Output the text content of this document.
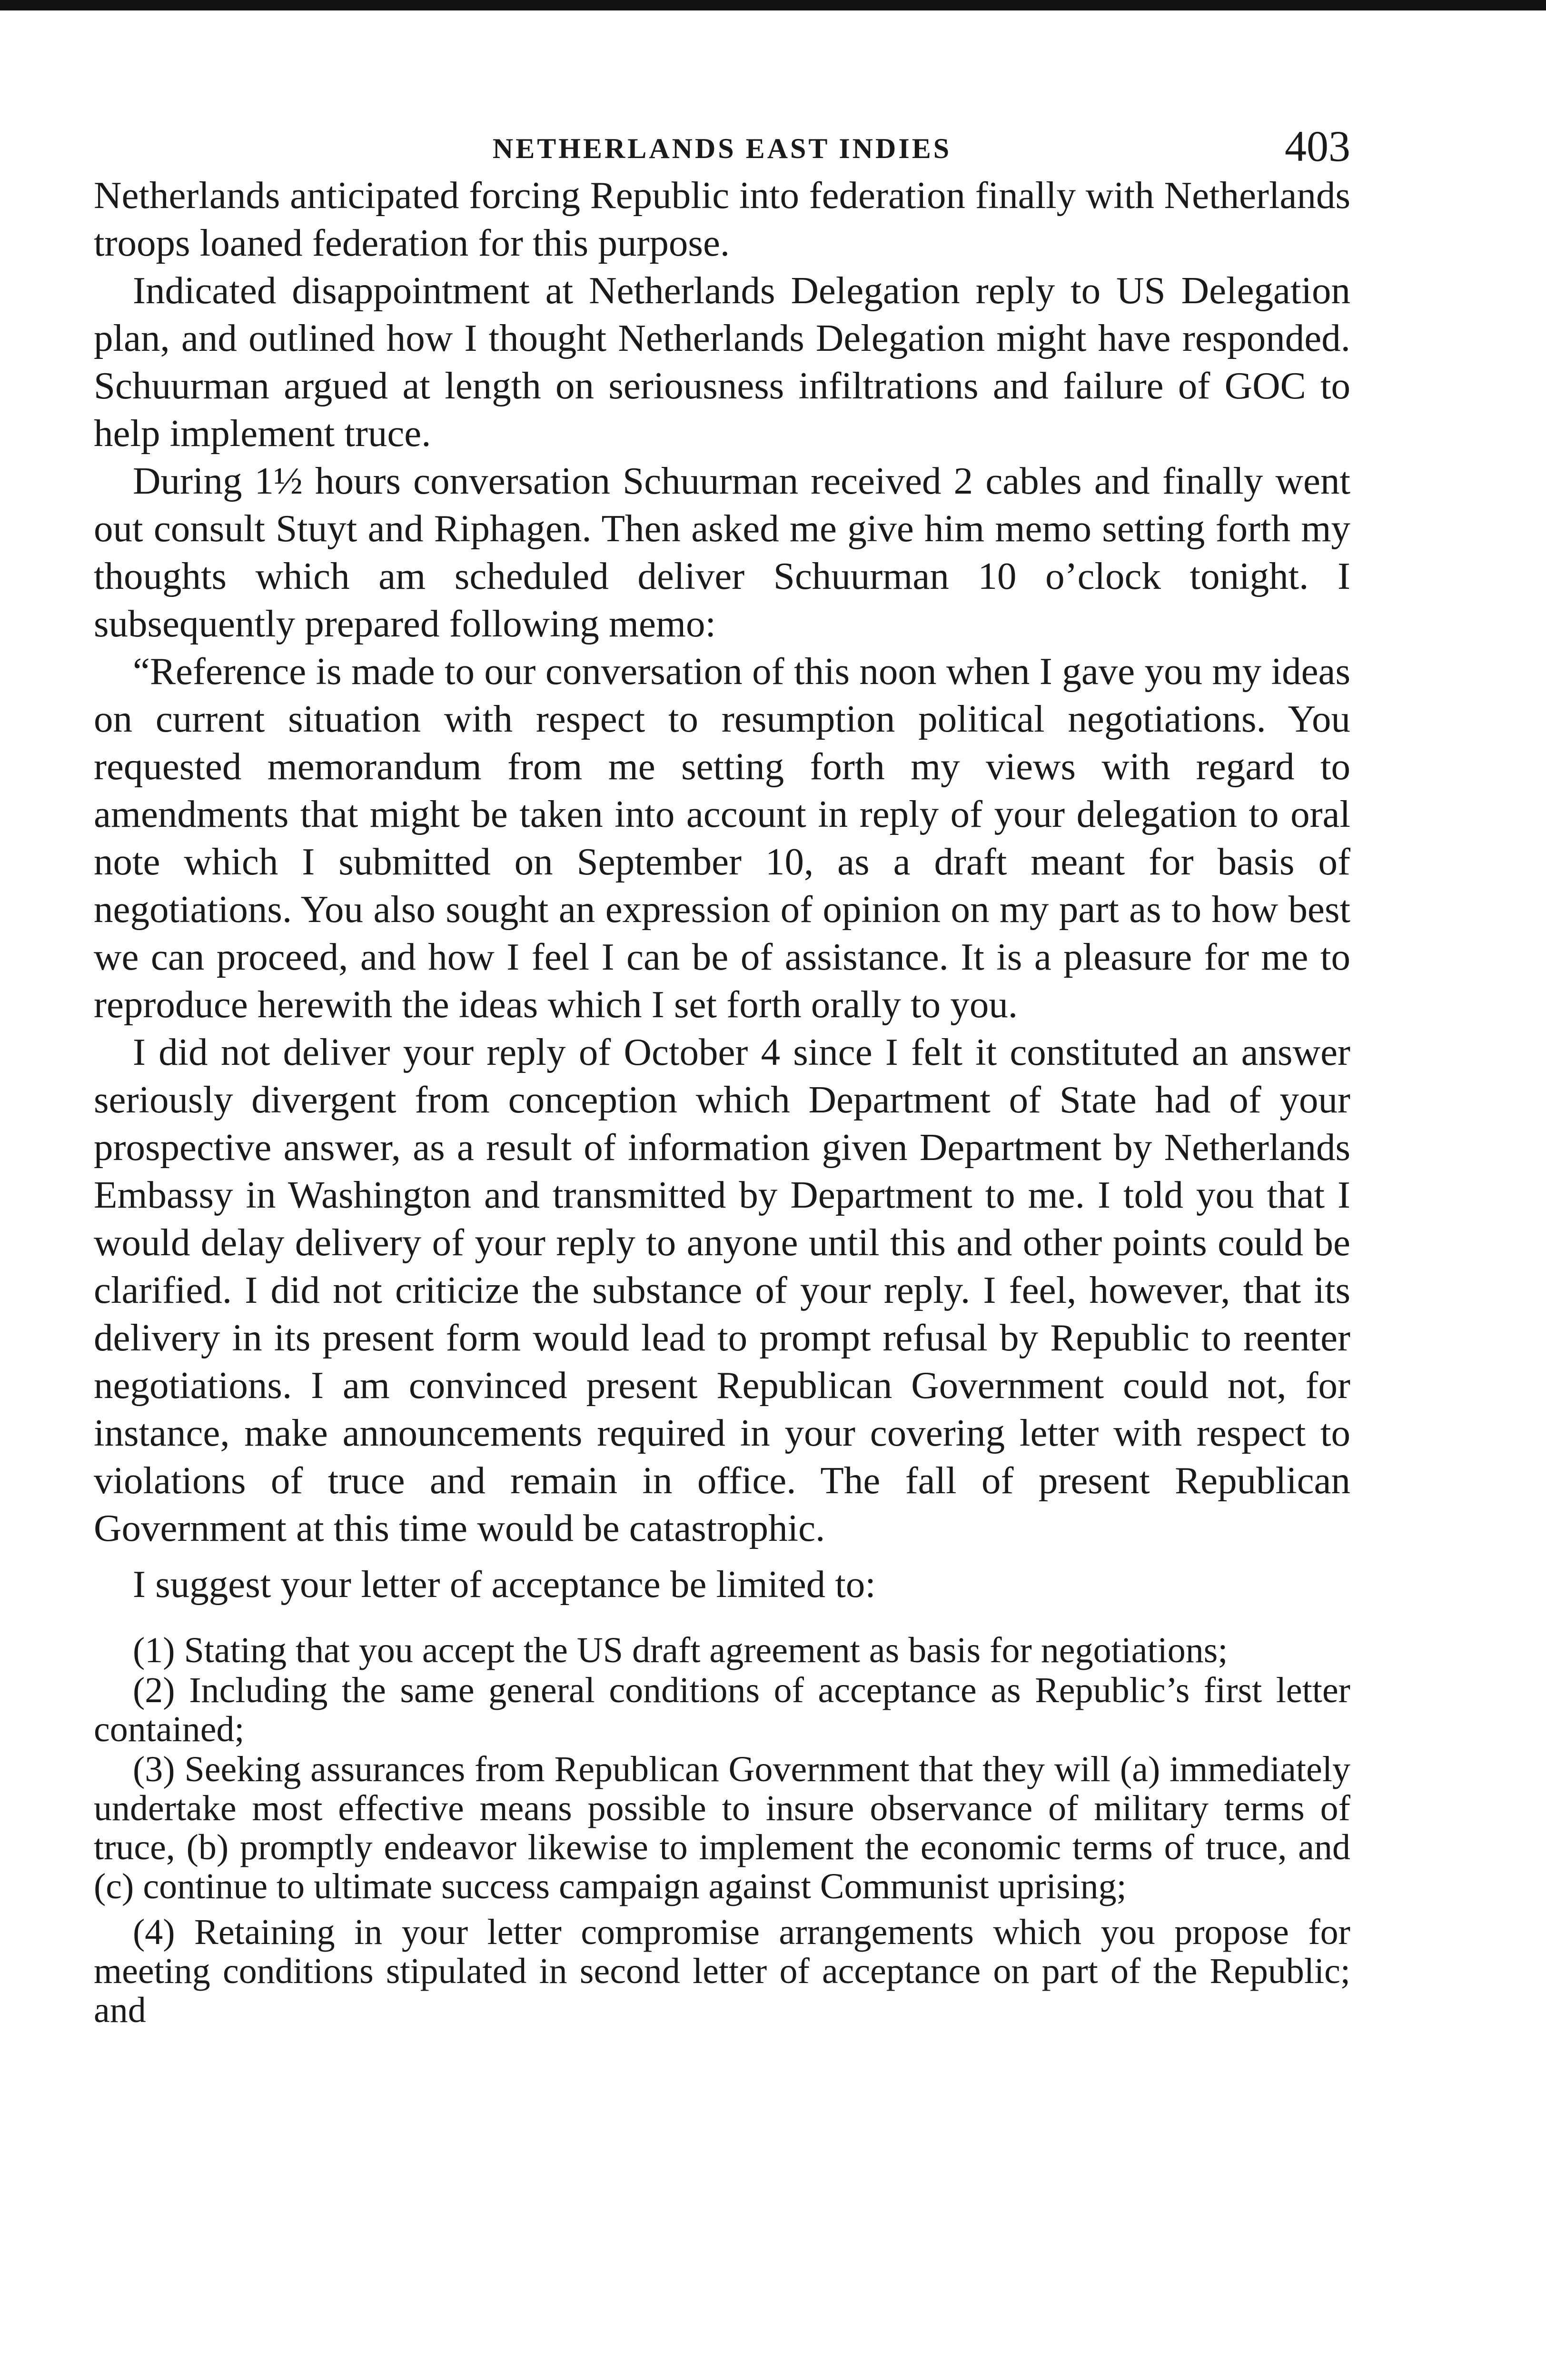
NETHERLANDS EAST INDIES	403

Netherlands anticipated forcing Republic into federation finally with Netherlands troops loaned federation for this purpose.

Indicated disappointment at Netherlands Delegation reply to US Delegation plan, and outlined how I thought Netherlands Delegation might have responded. Schuurman argued at length on seriousness infiltrations and failure of GOC to help implement truce.

During 1½ hours conversation Schuurman received 2 cables and finally went out consult Stuyt and Riphagen. Then asked me give him memo setting forth my thoughts which am scheduled deliver Schuurman 10 o’clock tonight. I subsequently prepared following memo:

“Reference is made to our conversation of this noon when I gave you my ideas on current situation with respect to resumption political negotiations. You requested memorandum from me setting forth my views with regard to amendments that might be taken into account in reply of your delegation to oral note which I submitted on September 10, as a draft meant for basis of negotiations. You also sought an expression of opinion on my part as to how best we can proceed, and how I feel I can be of assistance. It is a pleasure for me to reproduce herewith the ideas which I set forth orally to you.

I did not deliver your reply of October 4 since I felt it constituted an answer seriously divergent from conception which Department of State had of your prospective answer, as a result of information given Department by Netherlands Embassy in Washington and transmitted by Department to me. I told you that I would delay delivery of your reply to anyone until this and other points could be clarified. I did not criticize the substance of your reply. I feel, however, that its delivery in its present form would lead to prompt refusal by Republic to reenter negotiations. I am convinced present Republican Government could not, for instance, make announcements required in your covering letter with respect to violations of truce and remain in office. The fall of present Republican Government at this time would be catastrophic.

I suggest your letter of acceptance be limited to:

(1) Stating that you accept the US draft agreement as basis for negotiations;

(2) Including the same general conditions of acceptance as Republic’s first letter contained;

(3) Seeking assurances from Republican Government that they will (a) immediately undertake most effective means possible to insure observance of military terms of truce, (b) promptly endeavor likewise to implement the economic terms of truce, and (c) continue to ultimate success campaign against Communist uprising;

(4) Retaining in your letter compromise arrangements which you propose for meeting conditions stipulated in second letter of acceptance on part of the Republic; and
